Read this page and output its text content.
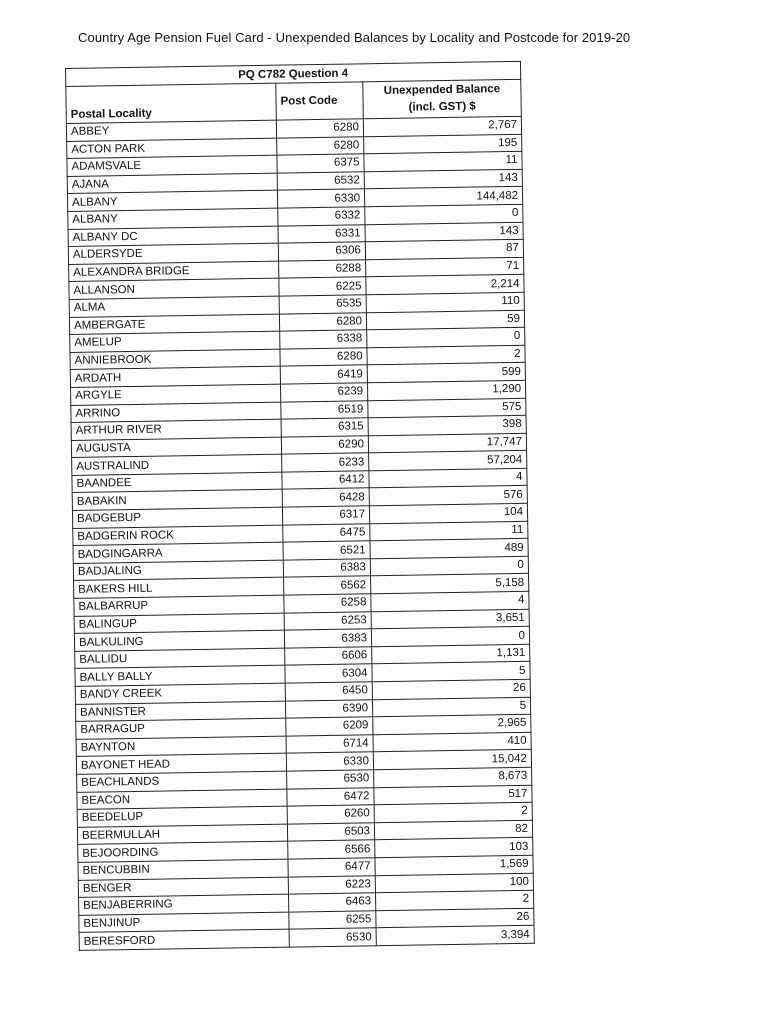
Country Age Pension Fuel Card - Unexpended Balances by Locality and Postcode for 2019-20
PQ C782 Question 4		
Postal Locality	Post Code	Unexpended Balance
(incl. GST) $

ABBEY	6280	2,767
ACTON PARK	6280	195
ADAMSVALE	6375	11
AJANA	6532	143
ALBANY	6330	144,482
ALBANY	6332	0
ALBANY DC	6331	143
ALDERSYDE	6306	87
ALEXANDRA BRIDGE	6288	71
ALLANSON	6225	2,214
ALMA	6535	110
AMBERGATE	6280	59
AMELUP	6338	0
ANNIEBROOK	6280	2
ARDATH	6419	599
ARGYLE	6239	1,290
ARRINO	6519	575
ARTHUR RIVER	6315	398
AUGUSTA	6290	17,747
AUSTRALIND	6233	57,204
BAANDEE	6412	4
BABAKIN	6428	576
BADGEBUP	6317	104
BADGERIN ROCK	6475	11
BADGINGARRA	6521	489
BADJALING	6383	0
BAKERS HILL	6562	5,158
BALBARRUP	6258	4
BALINGUP	6253	3,651
BALKULING	6383	0
BALLIDU	6606	1,131
BALLY BALLY	6304	5
BANDY CREEK	6450	26
BANNISTER	6390	5
BARRAGUP	6209	2,965
BAYNTON	6714	410
BAYONET HEAD	6330	15,042
BEACHLANDS	6530	8,673
BEACON	6472	517
BEEDELUP	6260	2
BEERMULLAH	6503	82
BEJOORDING	6566	103
BENCUBBIN	6477	1,569
BENGER	6223	100
BENJABERRING	6463	2
BENJINUP	6255	26
BERESFORD	6530	3,394
